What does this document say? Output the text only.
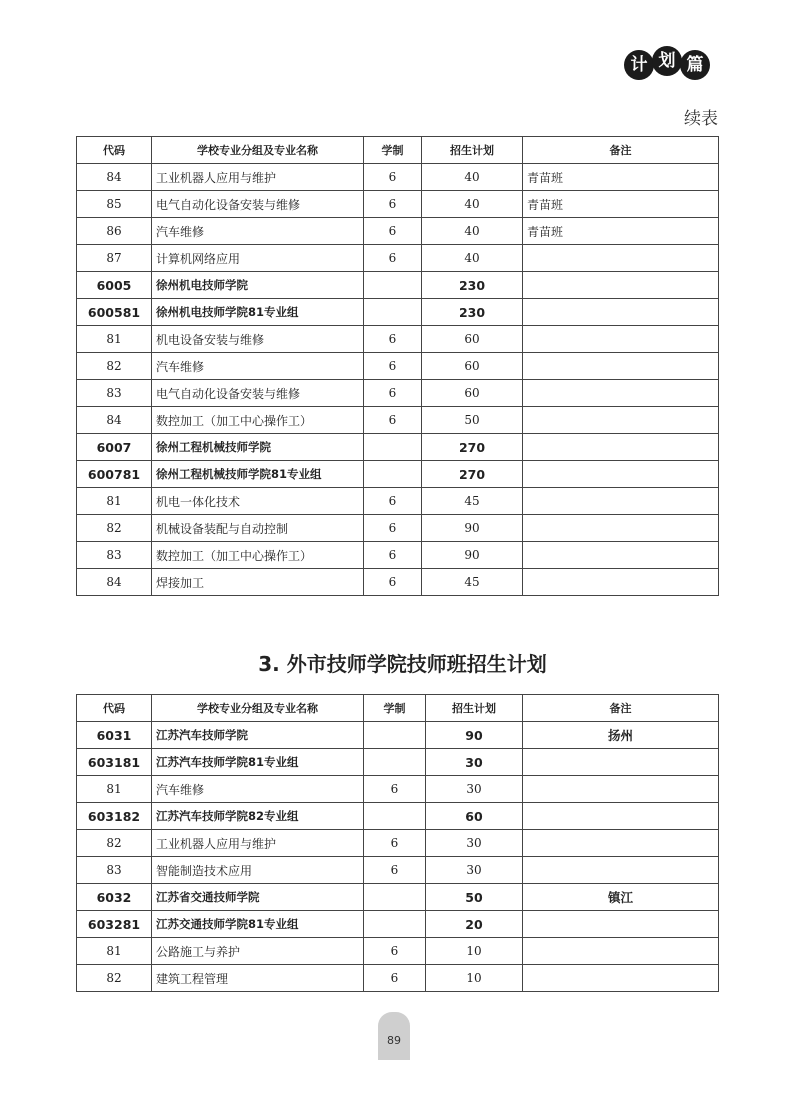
计 划 篇
续表
代码	学校专业分组及专业名称	学制	招生计划	备注
84	工业机器人应用与维护	6	40	青苗班
85	电气自动化设备安装与维修	6	40	青苗班
86	汽车维修	6	40	青苗班
87	计算机网络应用	6	40	
6005	徐州机电技师学院		230	
600581	徐州机电技师学院81专业组		230	
81	机电设备安装与维修	6	60	
82	汽车维修	6	60	
83	电气自动化设备安装与维修	6	60	
84	数控加工（加工中心操作工）	6	50	
6007	徐州工程机械技师学院		270	
600781	徐州工程机械技师学院81专业组		270	
81	机电一体化技术	6	45	
82	机械设备装配与自动控制	6	90	
83	数控加工（加工中心操作工）	6	90	
84	焊接加工	6	45	
3. 外市技师学院技师班招生计划
代码	学校专业分组及专业名称	学制	招生计划	备注
6031	江苏汽车技师学院		90	扬州
603181	江苏汽车技师学院81专业组		30	
81	汽车维修	6	30	
603182	江苏汽车技师学院82专业组		60	
82	工业机器人应用与维护	6	30	
83	智能制造技术应用	6	30	
6032	江苏省交通技师学院		50	镇江
603281	江苏交通技师学院81专业组		20	
81	公路施工与养护	6	10	
82	建筑工程管理	6	10	
89
